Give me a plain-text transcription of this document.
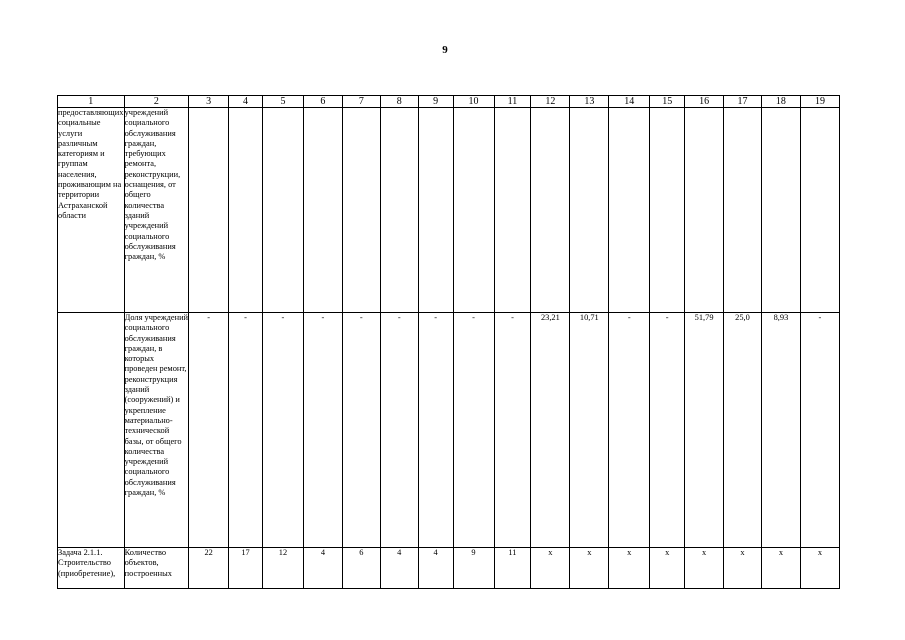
9
1	2	3	4	5	6	7	8	9	10	11	12	13	14	15	16	17	18	19
предоставляющих социальные услуги различным категориям и группам населения, проживающим на территории Астраханской области	учреждений социального обслуживания граждан, требующих ремонта, реконструкции, оснащения, от общего количества зданий учреждений социального обслуживания граждан, %																	
	Доля учреждений социального обслуживания граждан, в которых проведен ремонт, реконструкция зданий (сооружений) и укрепление материально-технической базы, от общего количества учреждений социального обслуживания граждан, %	-	-	-	-	-	-	-	-	-	23,21	10,71	-	-	51,79	25,0	8,93	-

Задача 2.1.1. Строительство (приобретение),	Количество объектов, построенных	22	17	12	4	6	4	4	9	11	x	x	x	x	x	x	x	x
